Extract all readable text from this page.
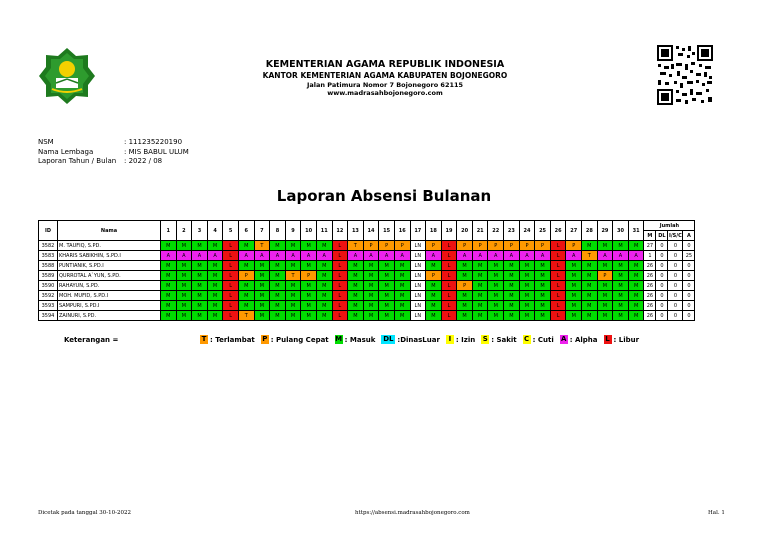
KEMENTERIAN AGAMA REPUBLIK INDONESIA
KANTOR KEMENTERIAN AGAMA KABUPATEN BOJONEGORO
Jalan Patimura Nomor 7 Bojonegoro 62115
www.madrasahbojonegoro.com
NSM	: 111235220190
Nama Lembaga	: MIS BABUL ULUM
Laporan Tahun / Bulan	: 2022 / 08
Laporan Absensi Bulanan
ID	Nama	1	2	3	4	5	6	7	8	9	10	11	12	13	14	15	16	17	18	19	20	21	22	23	24	25	26	27	28	29	30	31	Jumlah			
																																	M	DL	I/S/C	A
3582	M. TAUFIQ, S.PD.	M	M	M	M	L	M	T	M	M	M	M	L	T	P	P	P	LN	P	L	P	P	P	P	P	P	L	P	M	M	M	M	27	0	0	0
3583	KHARIS SABIKHIN, S.PD.I	A	A	A	A	L	A	A	A	A	A	A	L	A	A	A	A	LN	A	L	A	A	A	A	A	A	L	A	T	A	A	A	1	0	0	25
3588	PUNTIANIK, S.PD.I	M	M	M	M	L	M	M	M	M	M	M	L	M	M	M	M	LN	M	L	M	M	M	M	M	M	L	M	M	M	M	M	26	0	0	0
3589	QURROTAL A`YUN, S.PD.	M	M	M	M	L	P	M	M	T	P	M	L	M	M	M	M	LN	P	L	M	M	M	M	M	M	L	M	M	P	M	M	26	0	0	0
3590	RAHAYUN, S.PD.	M	M	M	M	L	M	M	M	M	M	M	L	M	M	M	M	LN	M	L	P	M	M	M	M	M	L	M	M	M	M	M	26	0	0	0
3592	MOH. MUFID, S.PD.I	M	M	M	M	L	M	M	M	M	M	M	L	M	M	M	M	LN	M	L	M	M	M	M	M	M	L	M	M	M	M	M	26	0	0	0
3593	SAMPURI, S.PD.I	M	M	M	M	L	M	M	M	M	M	M	L	M	M	M	M	LN	M	L	M	M	M	M	M	M	L	M	M	M	M	M	26	0	0	0
3594	ZAINURI, S.PD.	M	M	M	M	L	T	M	M	M	M	M	L	M	M	M	M	LN	M	L	M	M	M	M	M	M	L	M	M	M	M	M	26	0	0	0
Keterangan =	T : Terlambat P : Pulang Cepat M : Masuk DL :DinasLuar	I : Izin S : Sakit C : Cuti A : Alpha L : Libur
Dicetak pada tanggal 30-10-2022	https://absensi.madrasahbojonegoro.com	Hal. 1
